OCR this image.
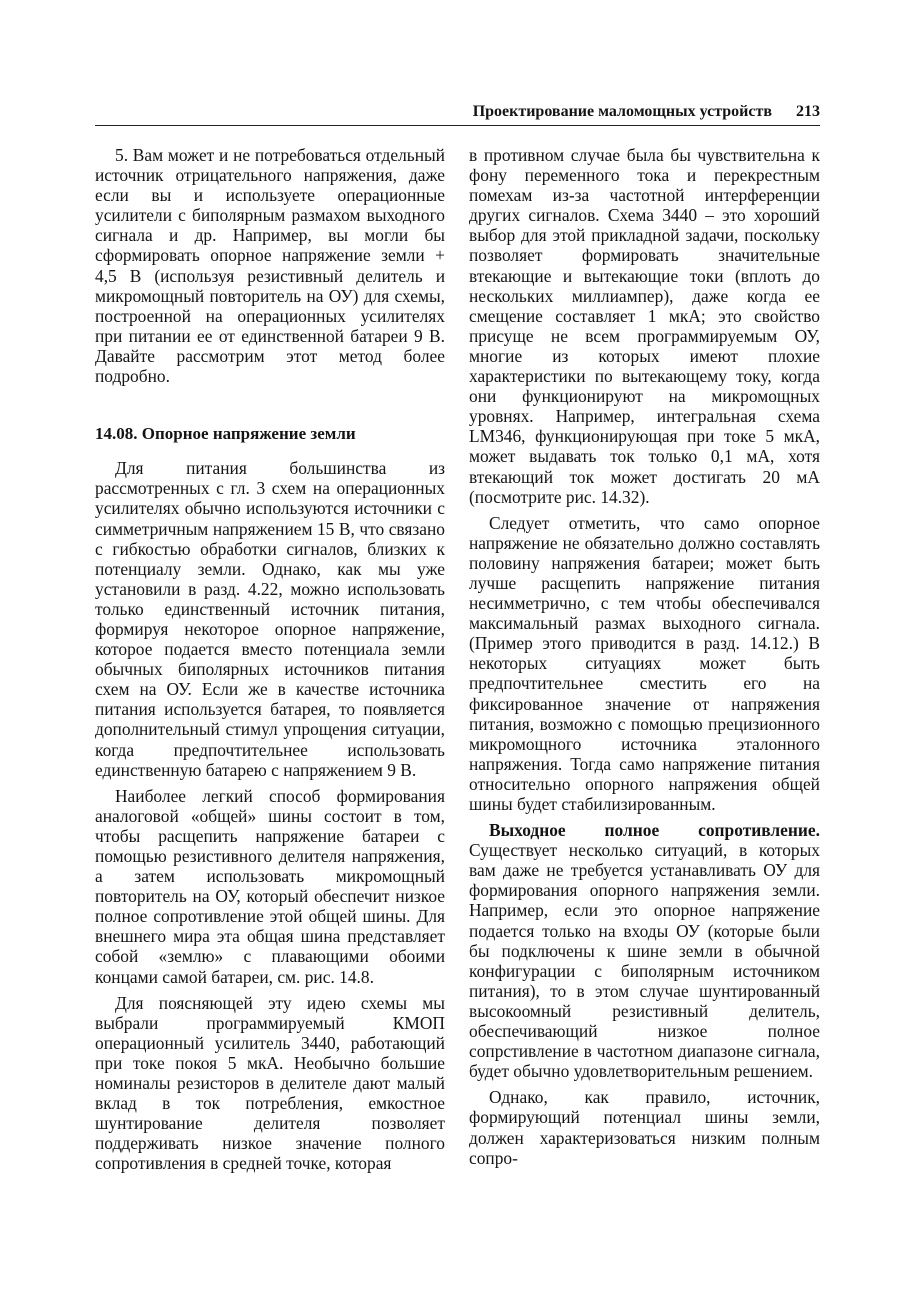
Проектирование маломощных устройств 213

5. Вам может и не потребоваться отдельный источник отрицательного напряжения, даже если вы и используете операционные усилители с биполярным размахом выходного сигнала и др. Например, вы могли бы сформировать опорное напряжение земли + 4,5 В (используя резистивный делитель и микромощный повторитель на ОУ) для схемы, построенной на операционных усилителях при питании ее от единственной батареи 9 В. Давайте рассмотрим этот метод более подробно.

14.08. Опорное напряжение земли

Для питания большинства из рассмотренных с гл. 3 схем на операционных усилителях обычно используются источники с симметричным напряжением 15 В, что связано с гибкостью обработки сигналов, близких к потенциалу земли. Однако, как мы уже установили в разд. 4.22, можно использовать только единственный источник питания, формируя некоторое опорное напряжение, которое подается вместо потенциала земли обычных биполярных источников питания схем на ОУ. Если же в качестве источника питания используется батарея, то появляется дополнительный стимул упрощения ситуации, когда предпочтительнее использовать единственную батарею с напряжением 9 В.

Наиболее легкий способ формирования аналоговой «общей» шины состоит в том, чтобы расщепить напряжение батареи с помощью резистивного делителя напряжения, а затем использовать микромощный повторитель на ОУ, который обеспечит низкое полное сопротивление этой общей шины. Для внешнего мира эта общая шина представляет собой «землю» с плавающими обоими концами самой батареи, см. рис. 14.8.

Для поясняющей эту идею схемы мы выбрали программируемый КМОП операционный усилитель 3440, работающий при токе покоя 5 мкА. Необычно большие номиналы резисторов в делителе дают малый вклад в ток потребления, емкостное шунтирование делителя позволяет поддерживать низкое значение полного сопротивления в средней точке, которая

в противном случае была бы чувствительна к фону переменного тока и перекрестным помехам из-за частотной интерференции других сигналов. Схема 3440 – это хороший выбор для этой прикладной задачи, поскольку позволяет формировать значительные втекающие и вытекающие токи (вплоть до нескольких миллиампер), даже когда ее смещение составляет 1 мкА; это свойство присуще не всем программируемым ОУ, многие из которых имеют плохие характеристики по вытекающему току, когда они функционируют на микромощных уровнях. Например, интегральная схема LM346, функционирующая при токе 5 мкА, может выдавать ток только 0,1 мА, хотя втекающий ток может достигать 20 мА (посмотрите рис. 14.32).

Следует отметить, что само опорное напряжение не обязательно должно составлять половину напряжения батареи; может быть лучше расщепить напряжение питания несимметрично, с тем чтобы обеспечивался максимальный размах выходного сигнала. (Пример этого приводится в разд. 14.12.) В некоторых ситуациях может быть предпочтительнее сместить его на фиксированное значение от напряжения питания, возможно с помощью прецизионного микромощного источника эталонного напряжения. Тогда само напряжение питания относительно опорного напряжения общей шины будет стабилизированным.

Выходное полное сопротивление. Существует несколько ситуаций, в которых вам даже не требуется устанавливать ОУ для формирования опорного напряжения земли. Например, если это опорное напряжение подается только на входы ОУ (которые были бы подключены к шине земли в обычной конфигурации с биполярным источником питания), то в этом случае шунтированный высокоомный резистивный делитель, обеспечивающий низкое полное сопрстивление в частотном диапазоне сигнала, будет обычно удовлетворительным решением.

Однако, как правило, источник, формирующий потенциал шины земли, должен характеризоваться низким полным сопро-
